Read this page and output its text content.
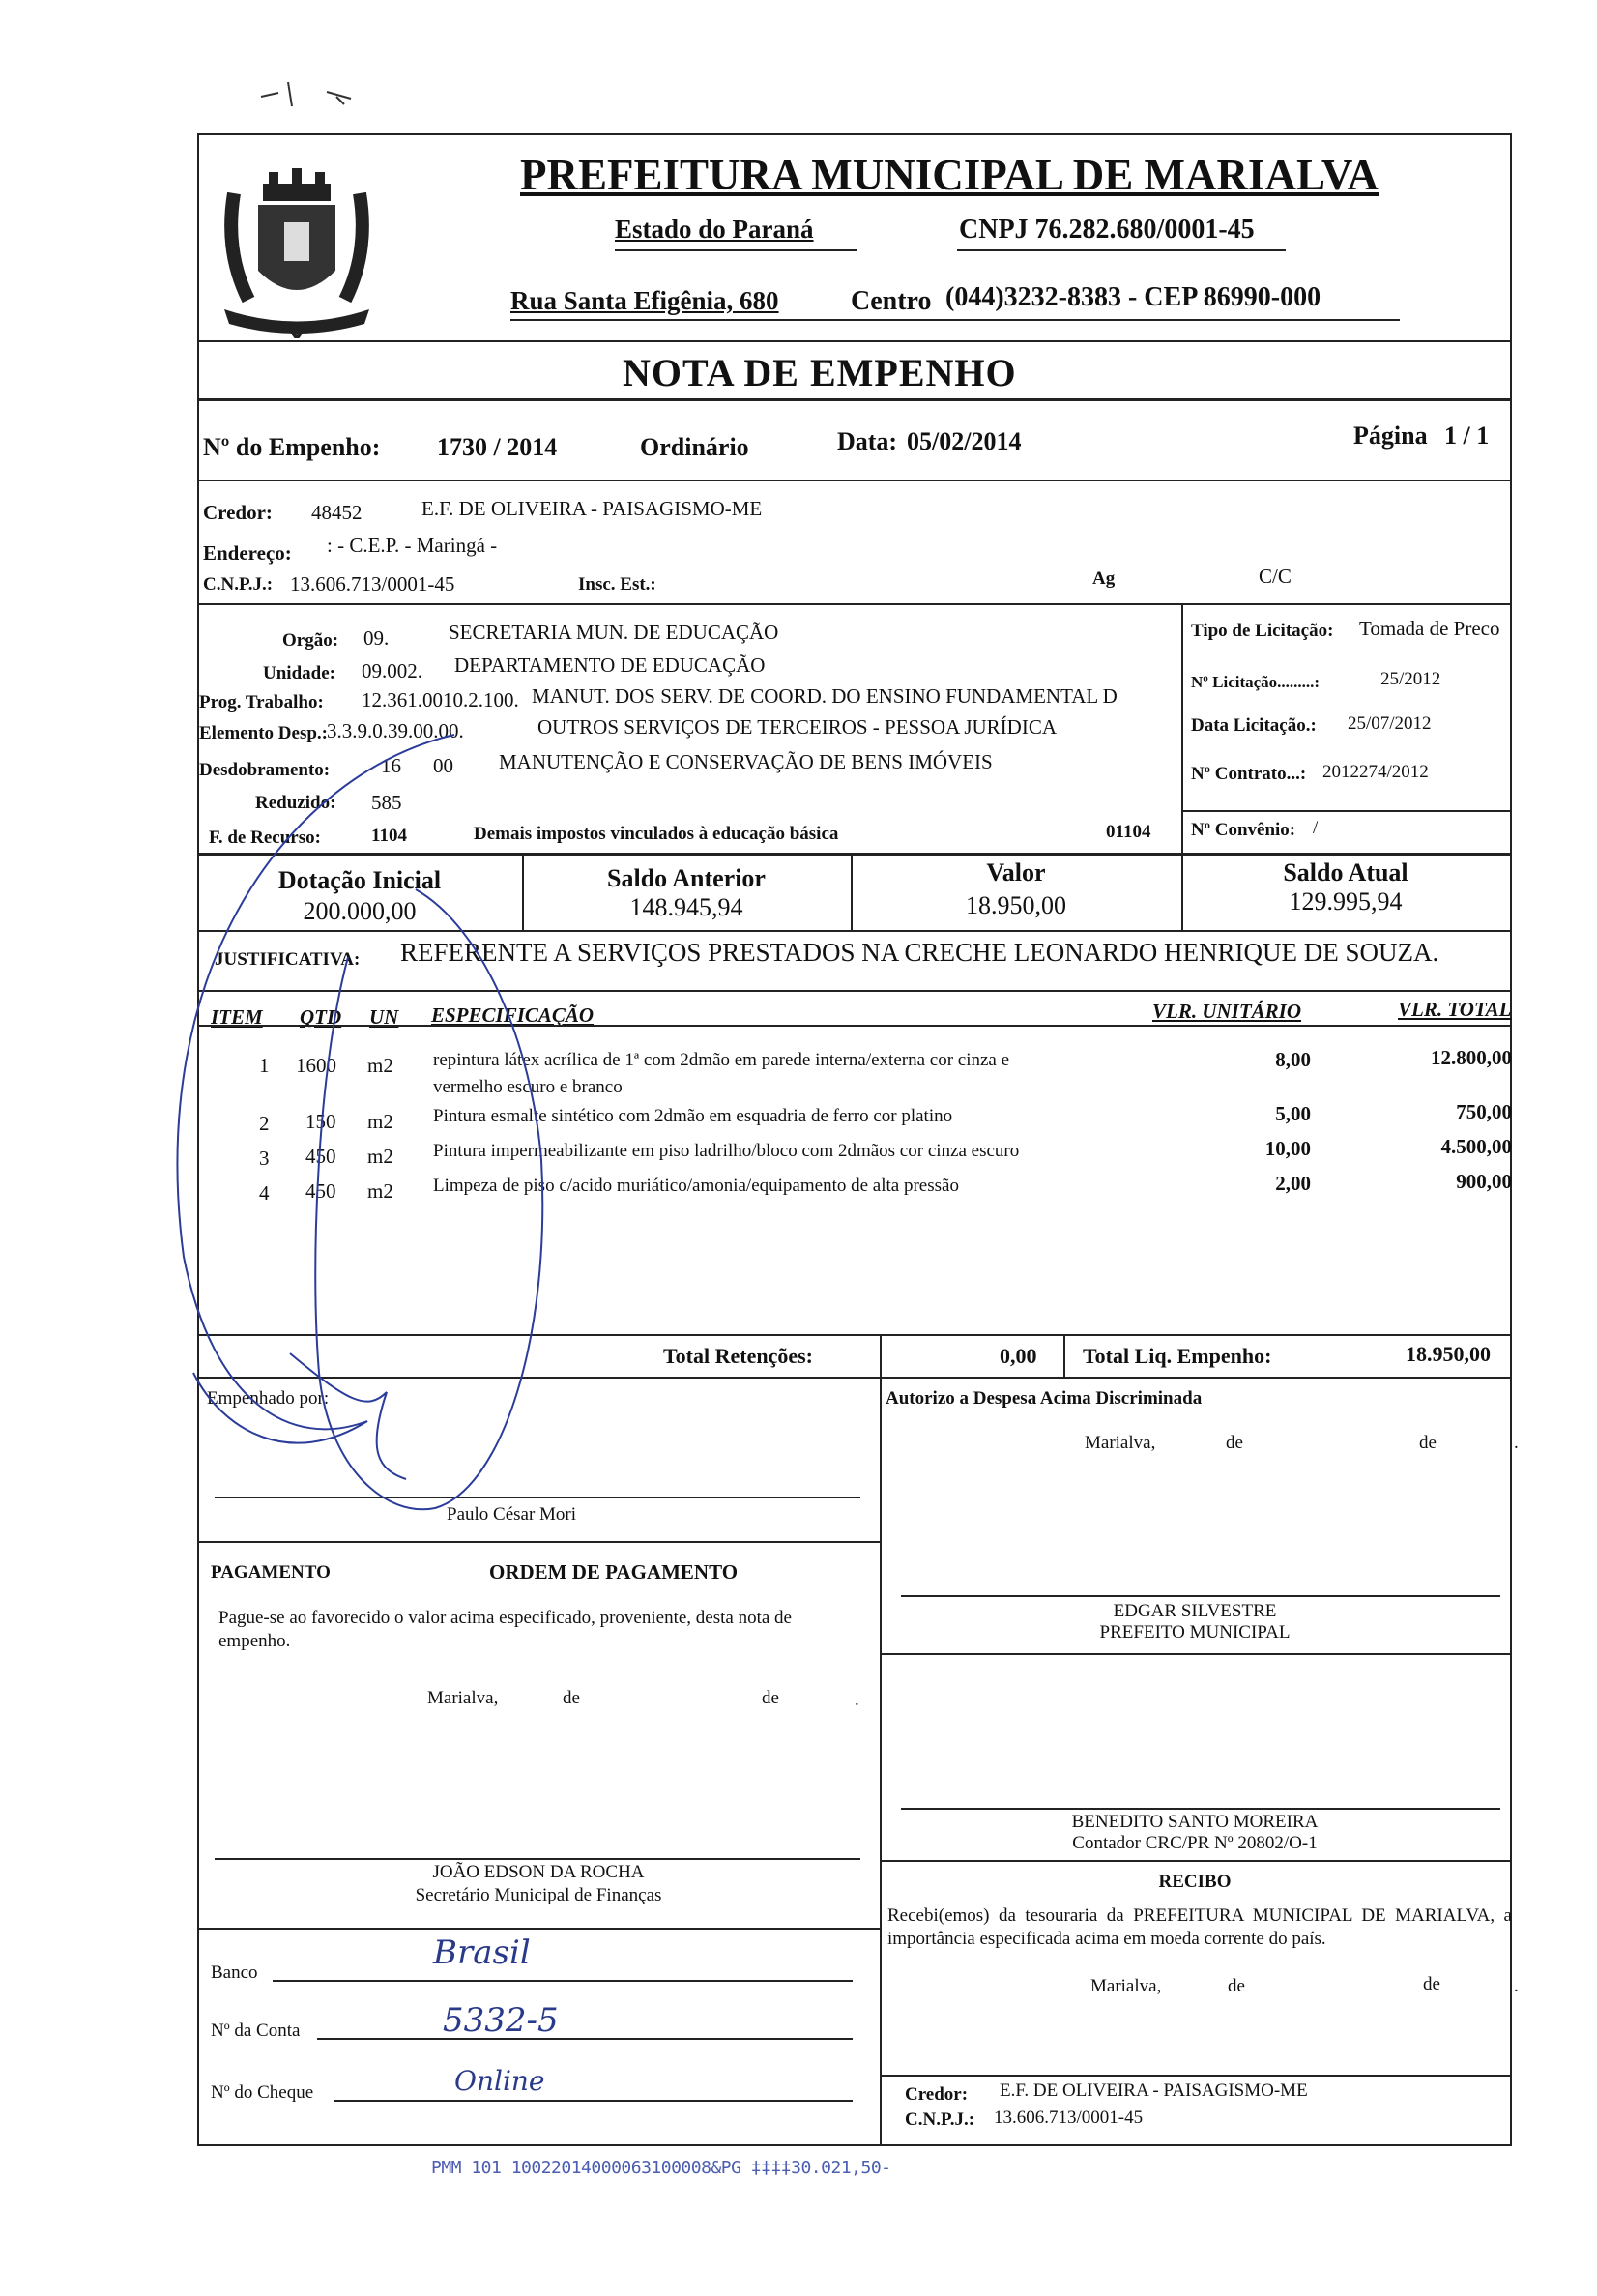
PREFEITURA MUNICIPAL DE MARIALVA
Estado do Paraná	CNPJ 76.282.680/0001-45
Rua Santa Efigênia, 680	Centro (044)3232-8383 - CEP 86990-000
NOTA DE EMPENHO
Nº do Empenho: 1730 / 2014	Ordinário	Data: 05/02/2014	Página 1 / 1
Credor: 48452	E.F. DE OLIVEIRA - PAISAGISMO-ME
Endereço: : - C.E.P. - Maringá -
C.N.P.J.: 13.606.713/0001-45	Insc. Est.:	Ag	C/C
Orgão: 09.	SECRETARIA MUN. DE EDUCAÇÃO
Unidade: 09.002. DEPARTAMENTO DE EDUCAÇÃO
Prog. Trabalho: 12.361.0010.2.100. MANUT. DOS SERV. DE COORD. DO ENSINO FUNDAMENTAL D
Elemento Desp.: 3.3.9.0.39.00.00.	OUTROS SERVIÇOS DE TERCEIROS - PESSOA JURÍDICA
Desdobramento:	16 00 MANUTENÇÃO E CONSERVAÇÃO DE BENS IMÓVEIS
Reduzido: 585
F. de Recurso:	1104	Demais impostos vinculados à educação básica	01104
Tipo de Licitação: Tomada de Preco
Nº Licitação.........:	25/2012
Data Licitação.: 25/07/2012
Nº Contrato...: 2012274/2012
Nº Convênio: /
Dotação Inicial
200.000,00
Saldo Anterior
148.945,94
Valor
18.950,00
Saldo Atual
129.995,94
JUSTIFICATIVA: REFERENTE A SERVIÇOS PRESTADOS NA CRECHE LEONARDO HENRIQUE DE SOUZA.
ITEM QTD UN ESPECIFICAÇÃO	VLR. UNITÁRIO	VLR. TOTAL
1 1600 m2 repintura látex acrílica de 1ª com 2dmão em parede interna/externa cor cinza e
vermelho escuro e branco
8,00	12.800,00
2 150 m2 Pintura esmalte sintético com 2dmão em esquadria de ferro cor platino	5,00	750,00
3 450 m2 Pintura impermeabilizante em piso ladrilho/bloco com 2dmãos cor cinza escuro	10,00	4.500,00
4 450 m2 Limpeza de piso c/acido muriático/amonia/equipamento de alta pressão	2,00	900,00
Total Retenções:	0,00 Total Liq. Empenho:	18.950,00
Empenhado por:
Paulo César Mori
Autorizo a Despesa Acima Discriminada
Marialva,	de	de	.
EDGAR SILVESTRE
PREFEITO MUNICIPAL
PAGAMENTO	ORDEM DE PAGAMENTO
Pague-se ao favorecido o valor acima especificado, proveniente, desta nota de empenho.
Marialva,	de	de	.
BENEDITO SANTO MOREIRA
Contador CRC/PR Nº 20802/O-1
JOÃO EDSON DA ROCHA
Secretário Municipal de Finanças
RECIBO
Recebi(emos) da tesouraria da PREFEITURA MUNICIPAL DE MARIALVA, a importância especificada acima em moeda corrente do país.
Marialva,	de	de	.
Banco
Brasil
Nº da Conta	5332-5
Nº do Cheque	Online	Credor: E.F. DE OLIVEIRA - PAISAGISMO-ME
C.N.P.J.: 13.606.713/0001-45
PMM 101 10022014000063100008&PG ‡‡‡‡30.021,50-
